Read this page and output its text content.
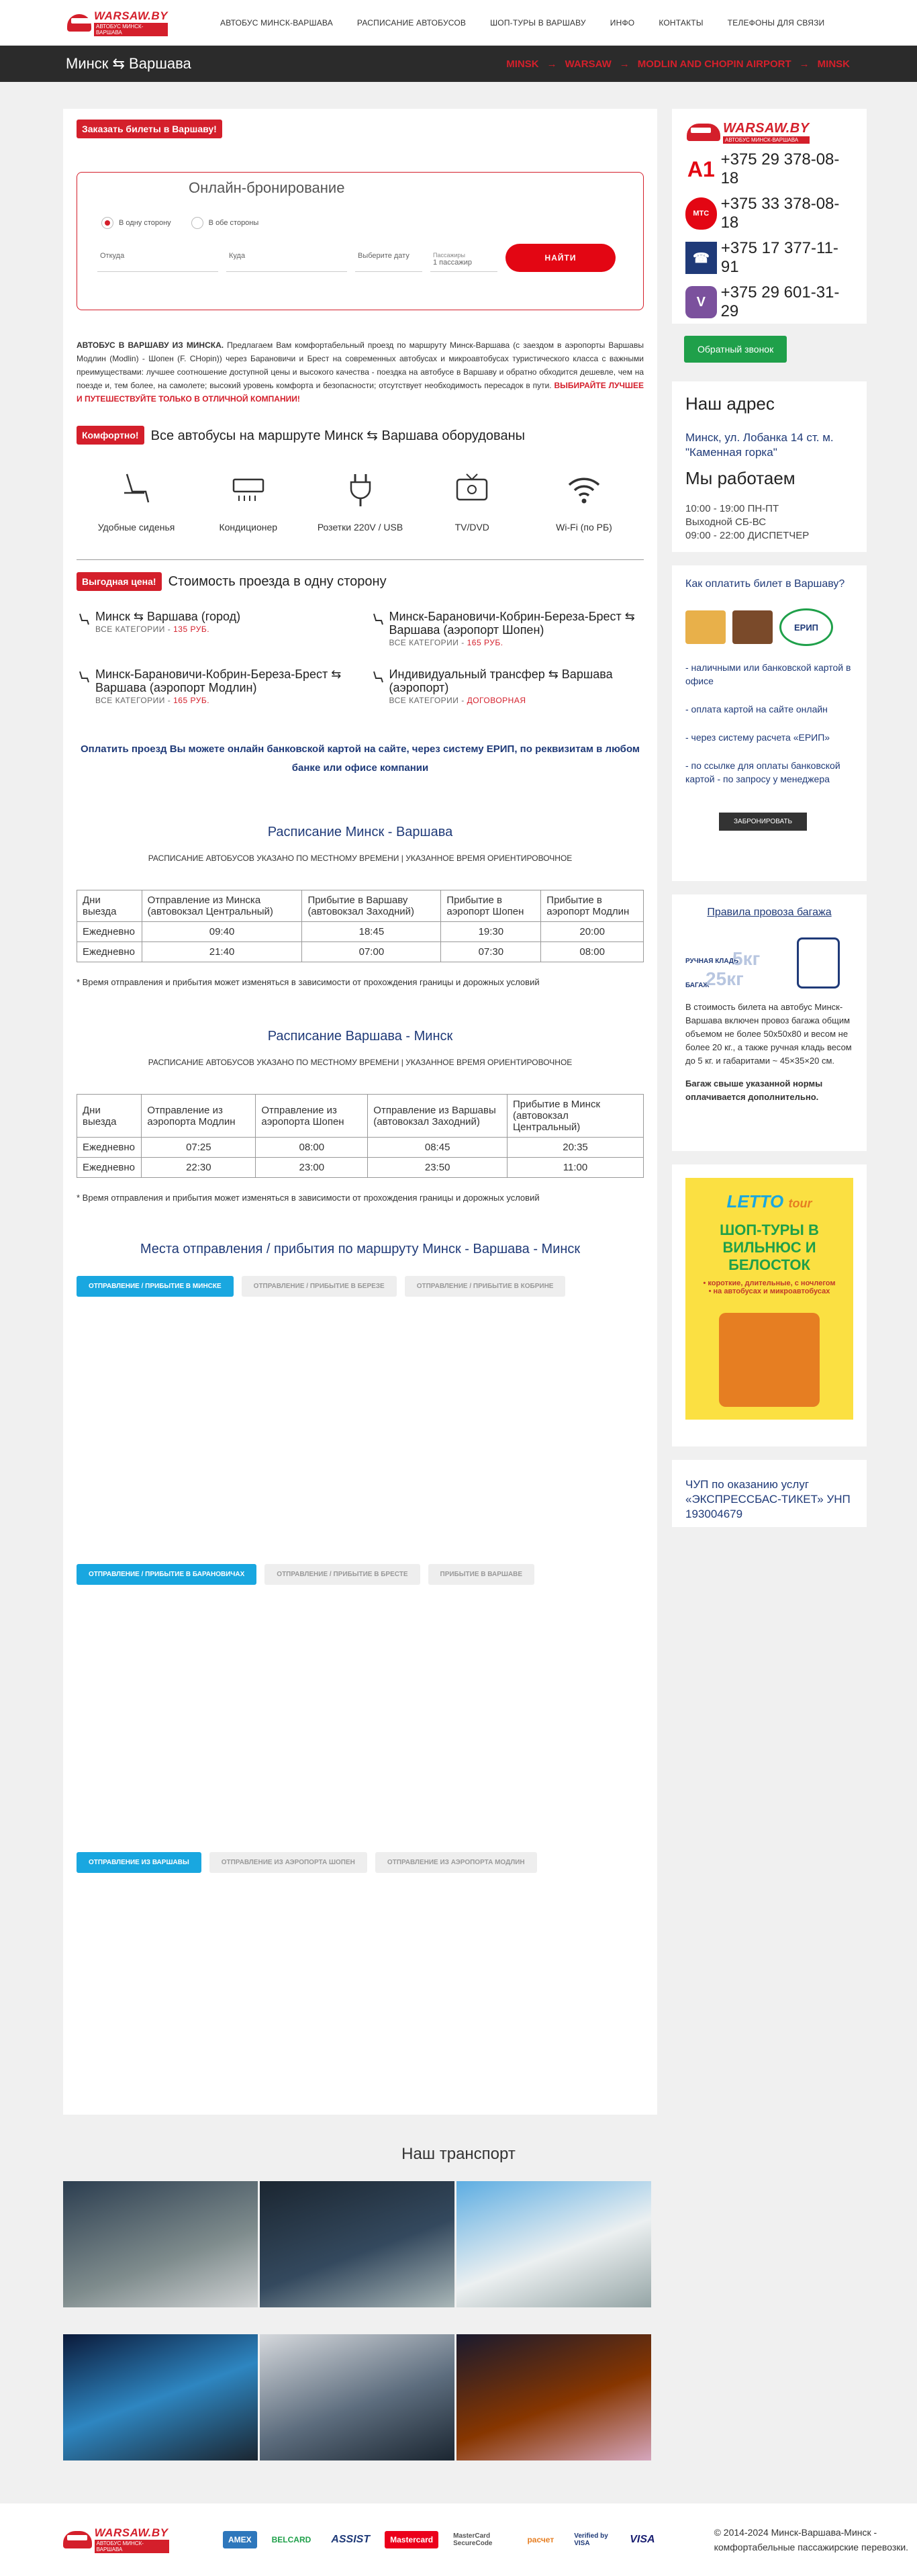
WARSAW.BY
АВТОБУС МИНСК-ВАРШАВА
АВТОБУС МИНСК-ВАРШАВА	РАСПИСАНИЕ АВТОБУСОВ	ШОП-ТУРЫ В ВАРШАВУ	ИНФО	КОНТАКТЫ	ТЕЛЕФОНЫ ДЛЯ СВЯЗИ
Минск ⇆ Варшава	MINSK → WARSAW → MODLIN AND CHOPIN AIRPORT → MINSK
Заказать билеты в Варшаву!
Онлайн-бронирование
В одну сторону	В обе стороны
Откуда	Куда	Выберите дату	Пассажиры
1 пассажир	НАЙТИ

АВТОБУС В ВАРШАВУ ИЗ МИНСКА. Предлагаем Вам комфортабельный проезд по маршруту Минск-Варшава (с заездом в аэропорты Варшавы Модлин (Modlin) - Шопен (F. CHopin)) через Барановичи и Брест на современных автобусах и микроавтобусах туристического класса с важными преимуществами: лучшее соотношение доступной цены и высокого качества - поездка на автобусе в Варшаву и обратно обходится дешевле, чем на поезде и, тем более, на самолете; высокий уровень комфорта и безопасности; отсутствует необходимость пересадок в пути. ВЫБИРАЙТЕ ЛУЧШЕЕ И ПУТЕШЕСТВУЙТЕ ТОЛЬКО В ОТЛИЧНОЙ КОМПАНИИ!

Комфортно! Все автобусы на маршруте Минск ⇆ Варшава оборудованы
Удобные сиденья	Кондиционер	Розетки 220V / USB	TV/DVD	Wi-Fi (по РБ)
Выгодная цена! Стоимость проезда в одну сторону
Минск ⇆ Варшава (город)
ВСЕ КАТЕГОРИИ - 135 РУБ.
Минск-Барановичи-Кобрин-Береза-Брест ⇆ Варшава (аэропорт Шопен)
ВСЕ КАТЕГОРИИ - 165 РУБ.
Минск-Барановичи-Кобрин-Береза-Брест ⇆ Варшава (аэропорт Модлин)
ВСЕ КАТЕГОРИИ - 165 РУБ.
Индивидуальный трансфер ⇆ Варшава (аэропорт)
ВСЕ КАТЕГОРИИ - ДОГОВОРНАЯ
Оплатить проезд Вы можете онлайн банковской картой на сайте, через систему ЕРИП, по реквизитам в любом банке или офисе компании
Расписание Минск - Варшава
РАСПИСАНИЕ АВТОБУСОВ УКАЗАНО ПО МЕСТНОМУ ВРЕМЕНИ | УКАЗАННОЕ ВРЕМЯ ОРИЕНТИРОВОЧНОЕ
Дни выезда	Отправление из Минска (автовокзал Центральный)	Прибытие в Варшаву (автовокзал Заходний)	Прибытие в аэропорт Шопен	Прибытие в аэропорт Модлин
Ежедневно	09:40	18:45	19:30	20:00
Ежедневно	21:40	07:00	07:30	08:00
* Время отправления и прибытия может изменяться в зависимости от прохождения границы и дорожных условий
Расписание Варшава - Минск
РАСПИСАНИЕ АВТОБУСОВ УКАЗАНО ПО МЕСТНОМУ ВРЕМЕНИ | УКАЗАННОЕ ВРЕМЯ ОРИЕНТИРОВОЧНОЕ
Дни выезда	Отправление из аэропорта Модлин	Отправление из аэропорта Шопен	Отправление из Варшавы (автовокзал Заходний)	Прибытие в Минск (автовокзал Центральный)
Ежедневно	07:25	08:00	08:45	20:35
Ежедневно	22:30	23:00	23:50	11:00
* Время отправления и прибытия может изменяться в зависимости от прохождения границы и дорожных условий
Места отправления / прибытия по маршруту Минск - Варшава - Минск
ОТПРАВЛЕНИЕ / ПРИБЫТИЕ В МИНСКЕ	ОТПРАВЛЕНИЕ / ПРИБЫТИЕ В БЕРЕЗЕ	ОТПРАВЛЕНИЕ / ПРИБЫТИЕ В КОБРИНЕ
ОТПРАВЛЕНИЕ / ПРИБЫТИЕ В БАРАНОВИЧАХ	ОТПРАВЛЕНИЕ / ПРИБЫТИЕ В БРЕСТЕ	ПРИБЫТИЕ В ВАРШАВЕ
ОТПРАВЛЕНИЕ ИЗ ВАРШАВЫ	ОТПРАВЛЕНИЕ ИЗ АЭРОПОРТА ШОПЕН	ОТПРАВЛЕНИЕ ИЗ АЭРОПОРТА МОДЛИН
WARSAW.BY
АВТОБУС МИНСК-ВАРШАВА
A1 +375 29 378-08-18
МТС
+375 33 378-08-18
☎
+375 17 377-11-91
V
+375 29 601-31-29
Обратный звонок
Наш адрес

Минск, ул. Лобанка 14 ст. м. "Каменная горка"

Мы работаем
10:00 - 19:00 ПН-ПТ
Выходной СБ-ВС
09:00 - 22:00 ДИСПЕТЧЕР
Как оплатить билет в Варшаву?
ЕРИП
- наличными или банковской картой в офисе
- оплата картой на сайте онлайн
- через систему расчета «ЕРИП»
- по ссылке для оплаты банковской картой - по запросу у менеджера
ЗАБРОНИРОВАТЬ
Правила провоза багажа
РУЧНАЯ КЛАДЬ
5кг
БАГАЖ
25кг

В стоимость билета на автобус Минск-Варшава включен провоз багажа общим объемом не более 50x50x80 и весом не более 20 кг., а также ручная кладь весом до 5 кг. и габаритами ~ 45×35×20 см.

Багаж свыше указанной нормы оплачивается дополнительно.

LETTO tour
ШОП-ТУРЫ В ВИЛЬНЮС И БЕЛОСТОК
• короткие, длительные, с ночлегом
• на автобусах и микроавтобусах
ЧУП по оказанию услуг «ЭКСПРЕССБАС-ТИКЕТ» УНП 193004679
Наш транспорт
WARSAW.BY
АВТОБУС МИНСК-ВАРШАВА
AMEX	BELCARD	ASSIST	Mastercard	MasterCard SecureCode	расчет	Verified by VISA	VISA
© 2014-2024 Минск-Варшава-Минск - комфортабельные пассажирские перевозки.
